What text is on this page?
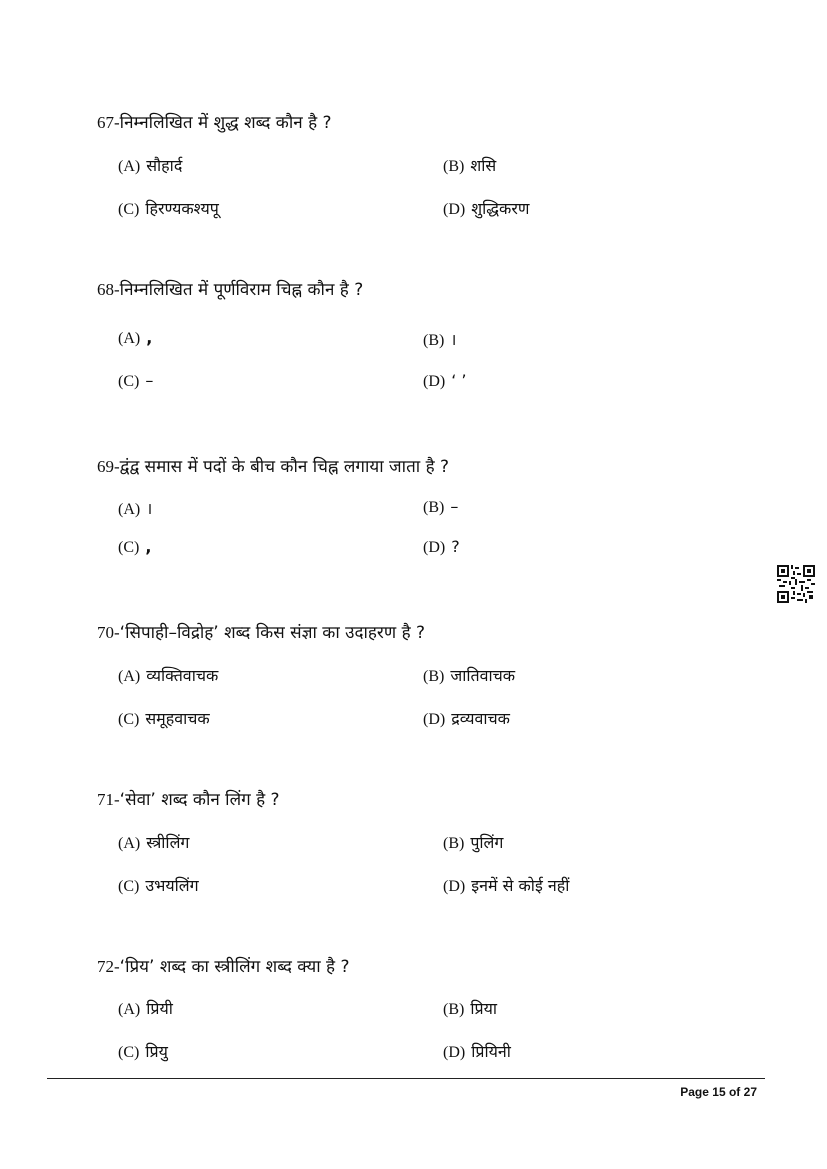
67-निम्नलिखित में शुद्ध शब्द कौन है ?
(A) सौहार्द	(B) शसि
(C) हिरण्यकश्यपू	(D) शुद्धिकरण
68-निम्नलिखित में पूर्णविराम चिह्न कौन है ?
(A) ,	(B) ।
(C) –	(D) ‘ ’
69-द्वंद्व समास में पदों के बीच कौन चिह्न लगाया जाता है ?
(A) ।	(B) –
(C) ,	(D) ?
70-‘सिपाही–विद्रोह’ शब्द किस संज्ञा का उदाहरण है ?
(A) व्यक्तिवाचक	(B) जातिवाचक
(C) समूहवाचक	(D) द्रव्यवाचक
71-‘सेवा’ शब्द कौन लिंग है ?
(A) स्त्रीलिंग	(B) पुलिंग
(C) उभयलिंग	(D) इनमें से कोई नहीं
72-‘प्रिय’ शब्द का स्त्रीलिंग शब्द क्या है ?
(A) प्रियी	(B) प्रिया
(C) प्रियु	(D) प्रियिनी
Page 15 of 27
